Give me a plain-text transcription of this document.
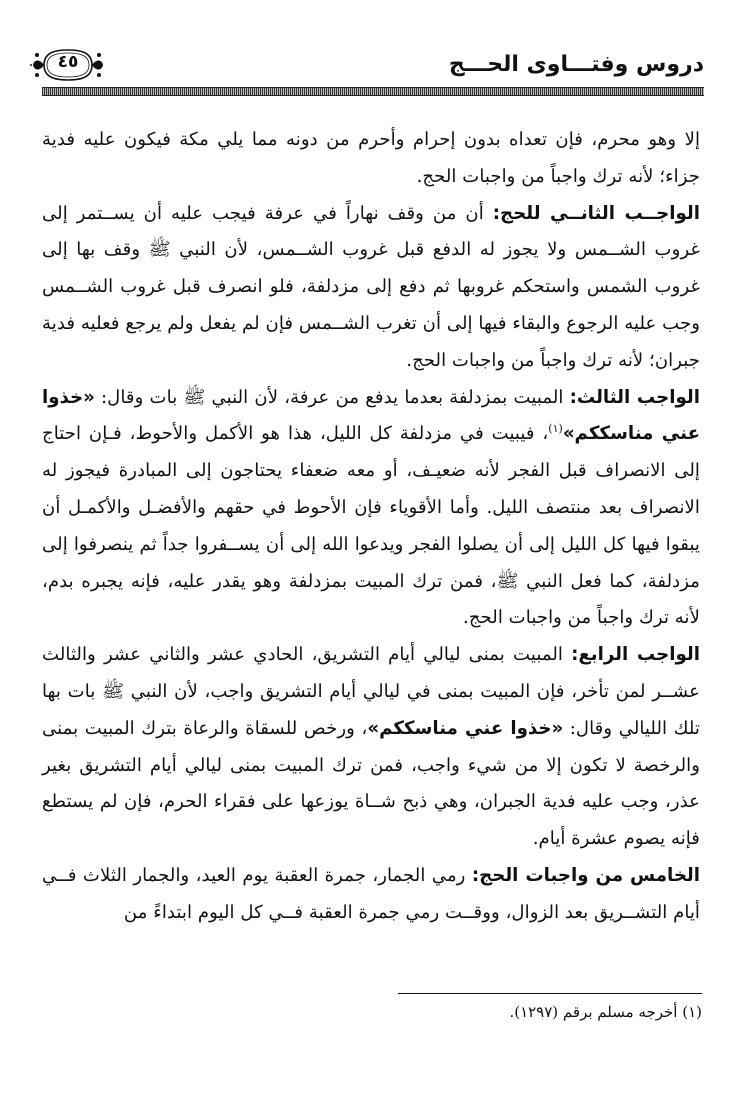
٤٥	دروس وفتـــاوى الحـــج

إلا وهو محرم، فإن تعداه بدون إحرام وأحرم من دونه مما يلي مكة فيكون عليه فدية جزاء؛ لأنه ترك واجباً من واجبات الحج.

الواجــب الثانــي للحج: أن من وقف نهاراً في عرفة فيجب عليه أن يســتمر إلى غروب الشــمس ولا يجوز له الدفع قبل غروب الشــمس، لأن النبي ﷺ وقف بها إلى غروب الشمس واستحكم غروبها ثم دفع إلى مزدلفة، فلو انصرف قبل غروب الشــمس وجب عليه الرجوع والبقاء فيها إلى أن تغرب الشــمس فإن لم يفعل ولم يرجع فعليه فدية جبران؛ لأنه ترك واجباً من واجبات الحج.

الواجب الثالث: المبيت بمزدلفة بعدما يدفع من عرفة، لأن النبي ﷺ بات وقال: «خذوا عني مناسككم»$^{(١)}$، فيبيت في مزدلفة كل الليل، هذا هو الأكمل والأحوط، فـإن احتاج إلى الانصراف قبل الفجر لأنه ضعيـف، أو معه ضعفاء يحتاجون إلى المبادرة فيجوز له الانصراف بعد منتصف الليل. وأما الأقوياء فإن الأحوط في حقهم والأفضـل والأكمـل أن يبقوا فيها كل الليل إلى أن يصلوا الفجر ويدعوا الله إلى أن يســفروا جداً ثم ينصرفوا إلى مزدلفة، كما فعل النبي ﷺ، فمن ترك المبيت بمزدلفة وهو يقدر عليه، فإنه يجبره بدم، لأنه ترك واجباً من واجبات الحج.

الواجب الرابع: المبيت بمنى ليالي أيام التشريق، الحادي عشر والثاني عشر والثالث عشــر لمن تأخر، فإن المبيت بمنى في ليالي أيام التشريق واجب، لأن النبي ﷺ بات بها تلك الليالي وقال: «خذوا عني مناسككم»، ورخص للسقاة والرعاة بترك المبيت بمنى والرخصة لا تكون إلا من شيء واجب، فمن ترك المبيت بمنى ليالي أيام التشريق بغير عذر، وجب عليه فدية الجبران، وهي ذبح شــاة يوزعها على فقراء الحرم، فإن لم يستطع فإنه يصوم عشرة أيام.

الخامس من واجبات الحج: رمي الجمار، جمرة العقبة يوم العيد، والجمار الثلاث فــي أيام التشــريق بعد الزوال، ووقــت رمي جمرة العقبة فــي كل اليوم ابتداءً من

(١) أخرجه مسلم برقم (١٢٩٧).
